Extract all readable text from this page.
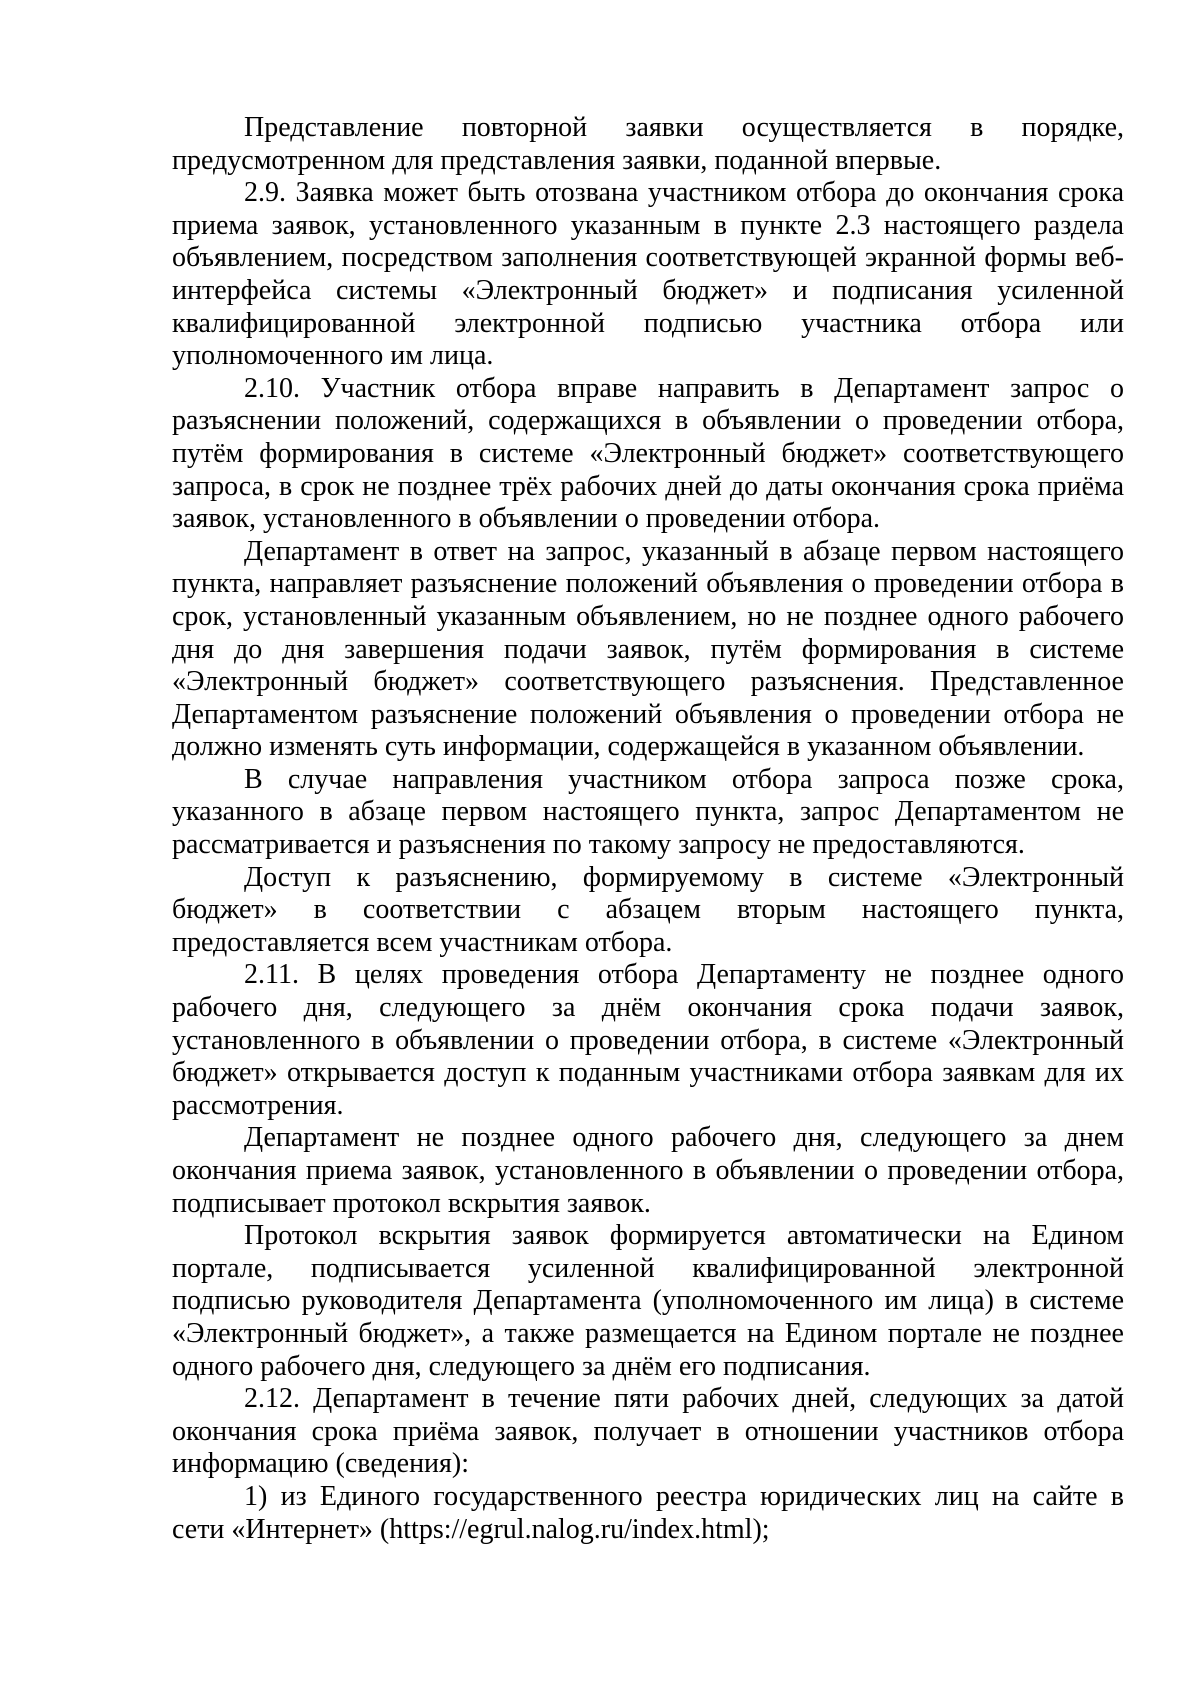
Представление повторной заявки осуществляется в порядке, предусмотренном для представления заявки, поданной впервые.

2.9. Заявка может быть отозвана участником отбора до окончания срока приема заявок, установленного указанным в пункте 2.3 настоящего раздела объявлением, посредством заполнения соответствующей экранной формы веб-интерфейса системы «Электронный бюджет» и подписания усиленной квалифицированной электронной подписью участника отбора или уполномоченного им лица.

2.10. Участник отбора вправе направить в Департамент запрос о разъяснении положений, содержащихся в объявлении о проведении отбора, путём формирования в системе «Электронный бюджет» соответствующего запроса, в срок не позднее трёх рабочих дней до даты окончания срока приёма заявок, установленного в объявлении о проведении отбора.

Департамент в ответ на запрос, указанный в абзаце первом настоящего пункта, направляет разъяснение положений объявления о проведении отбора в срок, установленный указанным объявлением, но не позднее одного рабочего дня до дня завершения подачи заявок, путём формирования в системе «Электронный бюджет» соответствующего разъяснения. Представленное Департаментом разъяснение положений объявления о проведении отбора не должно изменять суть информации, содержащейся в указанном объявлении.

В случае направления участником отбора запроса позже срока, указанного в абзаце первом настоящего пункта, запрос Департаментом не рассматривается и разъяснения по такому запросу не предоставляются.

Доступ к разъяснению, формируемому в системе «Электронный бюджет» в соответствии с абзацем вторым настоящего пункта, предоставляется всем участникам отбора.

2.11. В целях проведения отбора Департаменту не позднее одного рабочего дня, следующего за днём окончания срока подачи заявок, установленного в объявлении о проведении отбора, в системе «Электронный бюджет» открывается доступ к поданным участниками отбора заявкам для их рассмотрения.

Департамент не позднее одного рабочего дня, следующего за днем окончания приема заявок, установленного в объявлении о проведении отбора, подписывает протокол вскрытия заявок.

Протокол вскрытия заявок формируется автоматически на Едином портале, подписывается усиленной квалифицированной электронной подписью руководителя Департамента (уполномоченного им лица) в системе «Электронный бюджет», а также размещается на Едином портале не позднее одного рабочего дня, следующего за днём его подписания.

2.12. Департамент в течение пяти рабочих дней, следующих за датой окончания срока приёма заявок, получает в отношении участников отбора информацию (сведения):

1) из Единого государственного реестра юридических лиц на сайте в сети «Интернет» (https://egrul.nalog.ru/index.html);
